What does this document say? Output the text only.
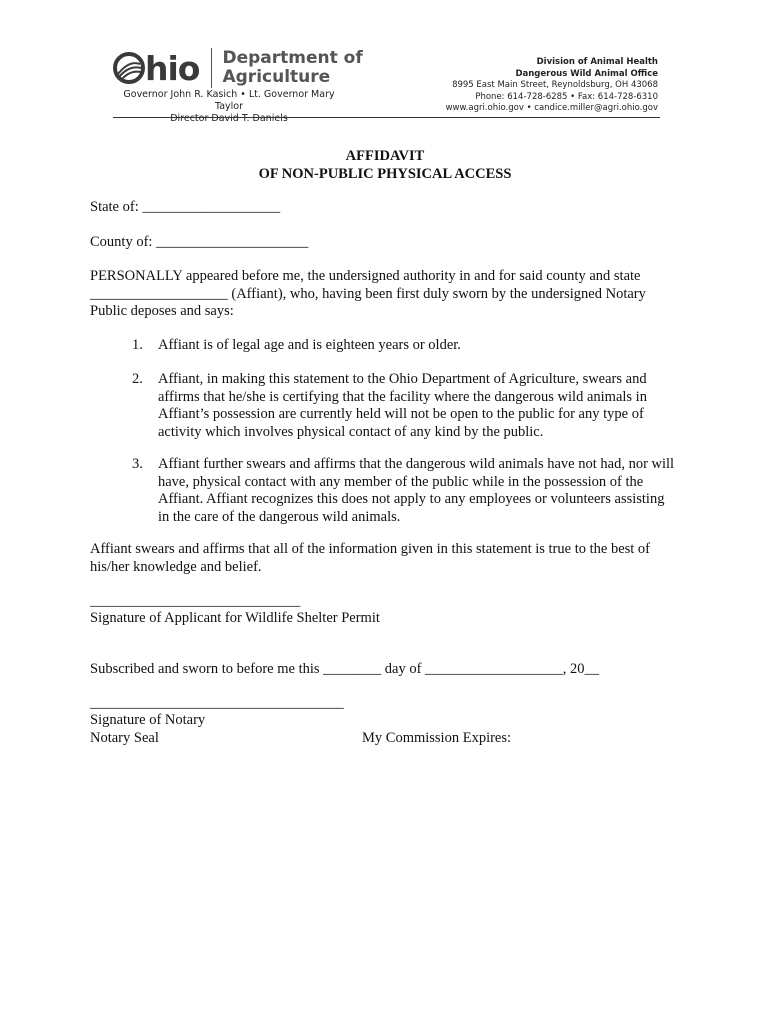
hio Department of
Agriculture
Governor John R. Kasich • Lt. Governor Mary Taylor
Director David T. Daniels
Division of Animal Health
Dangerous Wild Animal Office
8995 East Main Street, Reynoldsburg, OH 43068
Phone: 614-728-6285 • Fax: 614-728-6310
www.agri.ohio.gov • candice.miller@agri.ohio.gov
AFFIDAVIT
OF NON-PUBLIC PHYSICAL ACCESS
State of: ___________________
County of: _____________________
PERSONALLY appeared before me, the undersigned authority in and for said county and state
___________________ (Affiant), who, having been first duly sworn by the undersigned Notary
Public deposes and says:
1.	Affiant is of legal age and is eighteen years or older.
2.	Affiant, in making this statement to the Ohio Department of Agriculture, swears and
affirms that he/she is certifying that the facility where the dangerous wild animals in
Affiant’s possession are currently held will not be open to the public for any type of
activity which involves physical contact of any kind by the public.
3.	Affiant further swears and affirms that the dangerous wild animals have not had, nor will
have, physical contact with any member of the public while in the possession of the
Affiant. Affiant recognizes this does not apply to any employees or volunteers assisting
in the care of the dangerous wild animals.
Affiant swears and affirms that all of the information given in this statement is true to the best of
his/her knowledge and belief.
_____________________________
Signature of Applicant for Wildlife Shelter Permit
Subscribed and sworn to before me this ________ day of ___________________, 20__
___________________________________
Signature of Notary
Notary Seal	My Commission Expires:
